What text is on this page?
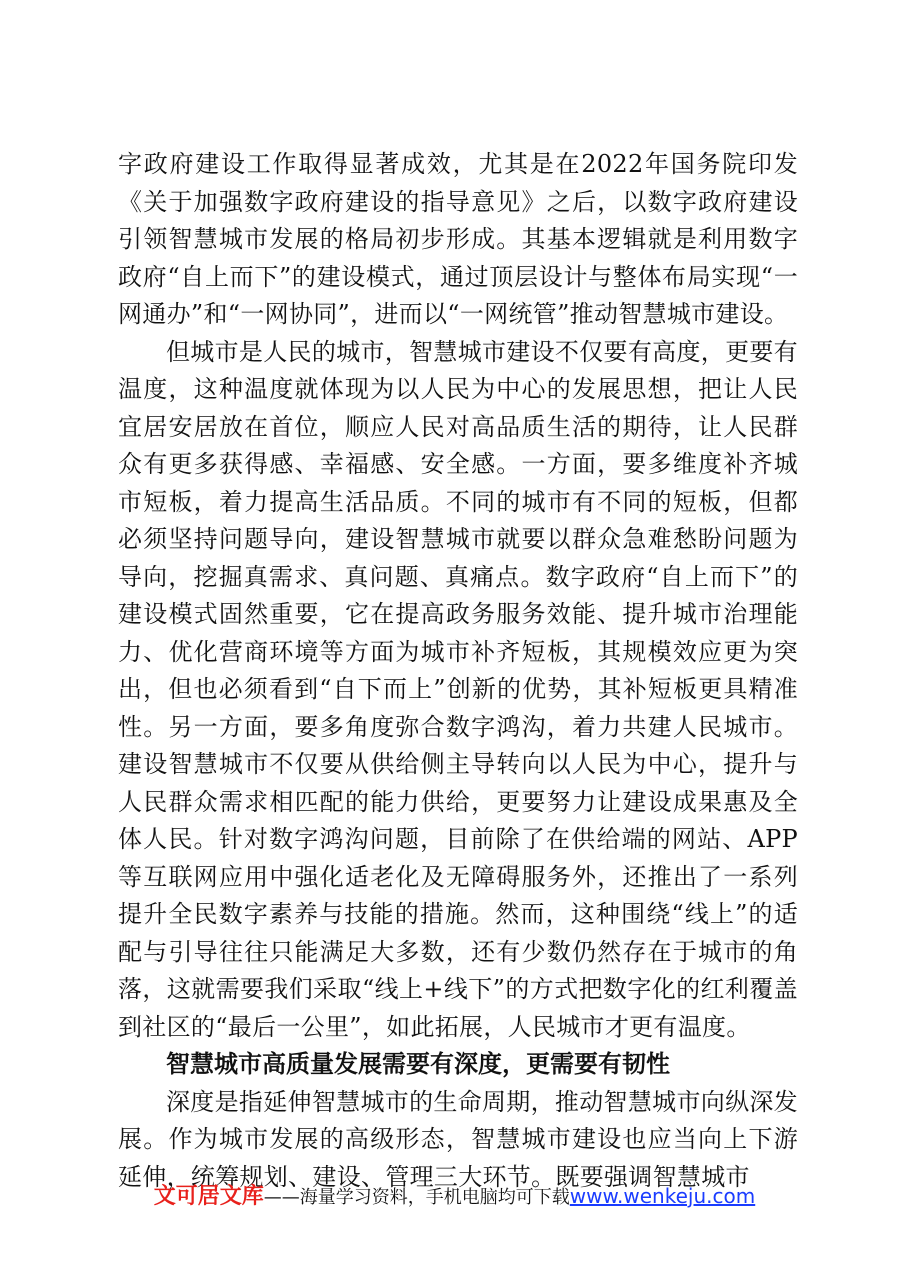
字政府建设工作取得显著成效，尤其是在2022年国务院印发《关于加强数字政府建设的指导意见》之后，以数字政府建设引领智慧城市发展的格局初步形成。其基本逻辑就是利用数字政府“自上而下”的建设模式，通过顶层设计与整体布局实现“一网通办”和“一网协同”，进而以“一网统管”推动智慧城市建设。

但城市是人民的城市，智慧城市建设不仅要有高度，更要有温度，这种温度就体现为以人民为中心的发展思想，把让人民宜居安居放在首位，顺应人民对高品质生活的期待，让人民群众有更多获得感、幸福感、安全感。一方面，要多维度补齐城市短板，着力提高生活品质。不同的城市有不同的短板，但都必须坚持问题导向，建设智慧城市就要以群众急难愁盼问题为导向，挖掘真需求、真问题、真痛点。数字政府“自上而下”的建设模式固然重要，它在提高政务服务效能、提升城市治理能力、优化营商环境等方面为城市补齐短板，其规模效应更为突出，但也必须看到“自下而上”创新的优势，其补短板更具精准性。另一方面，要多角度弥合数字鸿沟，着力共建人民城市。建设智慧城市不仅要从供给侧主导转向以人民为中心，提升与人民群众需求相匹配的能力供给，更要努力让建设成果惠及全体人民。针对数字鸿沟问题，目前除了在供给端的网站、APP等互联网应用中强化适老化及无障碍服务外，还推出了一系列提升全民数字素养与技能的措施。然而，这种围绕“线上”的适配与引导往往只能满足大多数，还有少数仍然存在于城市的角落，这就需要我们采取“线上+线下”的方式把数字化的红利覆盖到社区的“最后一公里”，如此拓展，人民城市才更有温度。

智慧城市高质量发展需要有深度，更需要有韧性

深度是指延伸智慧城市的生命周期，推动智慧城市向纵深发展。作为城市发展的高级形态，智慧城市建设也应当向上下游延伸，统筹规划、建设、管理三大环节。既要强调智慧城市

文可居文库——海量学习资料，手机电脑均可下载www.wenkeju.com
